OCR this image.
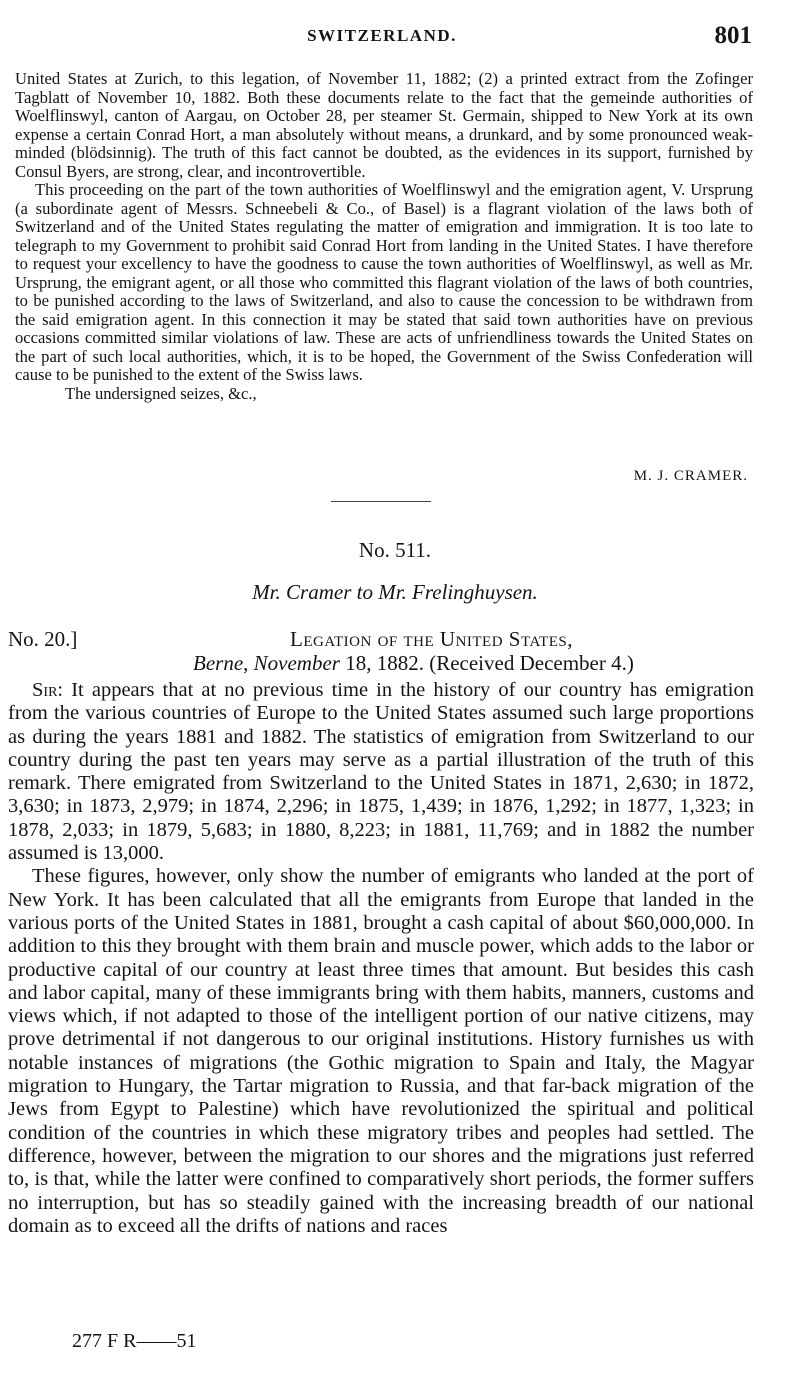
SWITZERLAND.	801

United States at Zurich, to this legation, of November 11, 1882; (2) a printed extract from the Zofinger Tagblatt of November 10, 1882. Both these documents relate to the fact that the gemeinde authorities of Woelflinswyl, canton of Aargau, on October 28, per steamer St. Germain, shipped to New York at its own expense a certain Conrad Hort, a man absolutely without means, a drunkard, and by some pronounced weak-minded (blödsinnig). The truth of this fact cannot be doubted, as the evidences in its support, furnished by Consul Byers, are strong, clear, and incontrovertible.

This proceeding on the part of the town authorities of Woelflinswyl and the emigration agent, V. Ursprung (a subordinate agent of Messrs. Schneebeli & Co., of Basel) is a flagrant violation of the laws both of Switzerland and of the United States regulating the matter of emigration and immigration. It is too late to telegraph to my Government to prohibit said Conrad Hort from landing in the United States. I have therefore to request your excellency to have the goodness to cause the town authorities of Woelflinswyl, as well as Mr. Ursprung, the emigrant agent, or all those who committed this flagrant violation of the laws of both countries, to be punished according to the laws of Switzerland, and also to cause the concession to be withdrawn from the said emigration agent. In this connection it may be stated that said town authorities have on previous occasions committed similar violations of law. These are acts of unfriendliness towards the United States on the part of such local authorities, which, it is to be hoped, the Government of the Swiss Confederation will cause to be punished to the extent of the Swiss laws.

The undersigned seizes, &c.,

M. J. CRAMER.
No. 511.
Mr. Cramer to Mr. Frelinghuysen.
No. 20.]	Legation of the United States,
Berne, November 18, 1882. (Received December 4.)

Sir: It appears that at no previous time in the history of our country has emigration from the various countries of Europe to the United States assumed such large proportions as during the years 1881 and 1882. The statistics of emigration from Switzerland to our country during the past ten years may serve as a partial illustration of the truth of this remark. There emigrated from Switzerland to the United States in 1871, 2,630; in 1872, 3,630; in 1873, 2,979; in 1874, 2,296; in 1875, 1,439; in 1876, 1,292; in 1877, 1,323; in 1878, 2,033; in 1879, 5,683; in 1880, 8,223; in 1881, 11,769; and in 1882 the number assumed is 13,000.

These figures, however, only show the number of emigrants who landed at the port of New York. It has been calculated that all the emigrants from Europe that landed in the various ports of the United States in 1881, brought a cash capital of about $60,000,000. In addition to this they brought with them brain and muscle power, which adds to the labor or productive capital of our country at least three times that amount. But besides this cash and labor capital, many of these immigrants bring with them habits, manners, customs and views which, if not adapted to those of the intelligent portion of our native citizens, may prove detrimental if not dangerous to our original institutions. History furnishes us with notable instances of migrations (the Gothic migration to Spain and Italy, the Magyar migration to Hungary, the Tartar migration to Russia, and that far-back migration of the Jews from Egypt to Palestine) which have revolutionized the spiritual and political condition of the countries in which these migratory tribes and peoples had settled. The difference, however, between the migration to our shores and the migrations just referred to, is that, while the latter were confined to comparatively short periods, the former suffers no interruption, but has so steadily gained with the increasing breadth of our national domain as to exceed all the drifts of nations and races

277 F R——51
